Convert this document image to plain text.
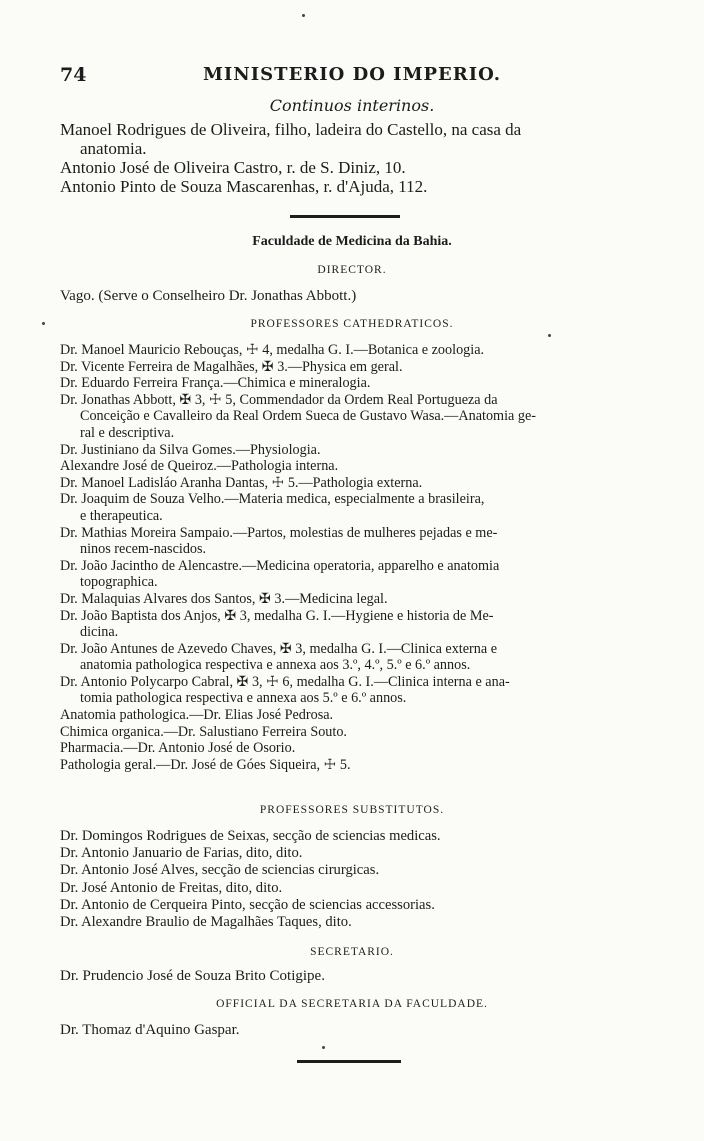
74	MINISTERIO DO IMPERIO.
Continuos interinos.

Manoel Rodrigues de Oliveira, filho, ladeira do Castello, na casa da

anatomia.

Antonio José de Oliveira Castro, r. de S. Diniz, 10.

Antonio Pinto de Souza Mascarenhas, r. d'Ajuda, 112.

Faculdade de Medicina da Bahia.
DIRECTOR.
Vago. (Serve o Conselheiro Dr. Jonathas Abbott.)
PROFESSORES CATHEDRATICOS.

Dr. Manoel Mauricio Rebouças, ☩ 4, medalha G. I.—Botanica e zoologia.

Dr. Vicente Ferreira de Magalhães, ✠ 3.—Physica em geral.

Dr. Eduardo Ferreira França.—Chimica e mineralogia.

Dr. Jonathas Abbott, ✠ 3, ☩ 5, Commendador da Ordem Real Portugueza da

Conceição e Cavalleiro da Real Ordem Sueca de Gustavo Wasa.—Anatomia ge-

ral e descriptiva.

Dr. Justiniano da Silva Gomes.—Physiologia.

Alexandre José de Queiroz.—Pathologia interna.

Dr. Manoel Ladisláo Aranha Dantas, ☩ 5.—Pathologia externa.

Dr. Joaquim de Souza Velho.—Materia medica, especialmente a brasileira,

e therapeutica.

Dr. Mathias Moreira Sampaio.—Partos, molestias de mulheres pejadas e me-

ninos recem-nascidos.

Dr. João Jacintho de Alencastre.—Medicina operatoria, apparelho e anatomia

topographica.

Dr. Malaquias Alvares dos Santos, ✠ 3.—Medicina legal.

Dr. João Baptista dos Anjos, ✠ 3, medalha G. I.—Hygiene e historia de Me-

dicina.

Dr. João Antunes de Azevedo Chaves, ✠ 3, medalha G. I.—Clinica externa e

anatomia pathologica respectiva e annexa aos 3.º, 4.º, 5.º e 6.º annos.

Dr. Antonio Polycarpo Cabral, ✠ 3, ☩ 6, medalha G. I.—Clinica interna e ana-

tomia pathologica respectiva e annexa aos 5.º e 6.º annos.

Anatomia pathologica.—Dr. Elias José Pedrosa.

Chimica organica.—Dr. Salustiano Ferreira Souto.

Pharmacia.—Dr. Antonio José de Osorio.

Pathologia geral.—Dr. José de Góes Siqueira, ☩ 5.

PROFESSORES SUBSTITUTOS.

Dr. Domingos Rodrigues de Seixas, secção de sciencias medicas.

Dr. Antonio Januario de Farias, dito, dito.

Dr. Antonio José Alves, secção de sciencias cirurgicas.

Dr. José Antonio de Freitas, dito, dito.

Dr. Antonio de Cerqueira Pinto, secção de sciencias accessorias.

Dr. Alexandre Braulio de Magalhães Taques, dito.

SECRETARIO.
Dr. Prudencio José de Souza Brito Cotigipe.
OFFICIAL DA SECRETARIA DA FACULDADE.
Dr. Thomaz d'Aquino Gaspar.
